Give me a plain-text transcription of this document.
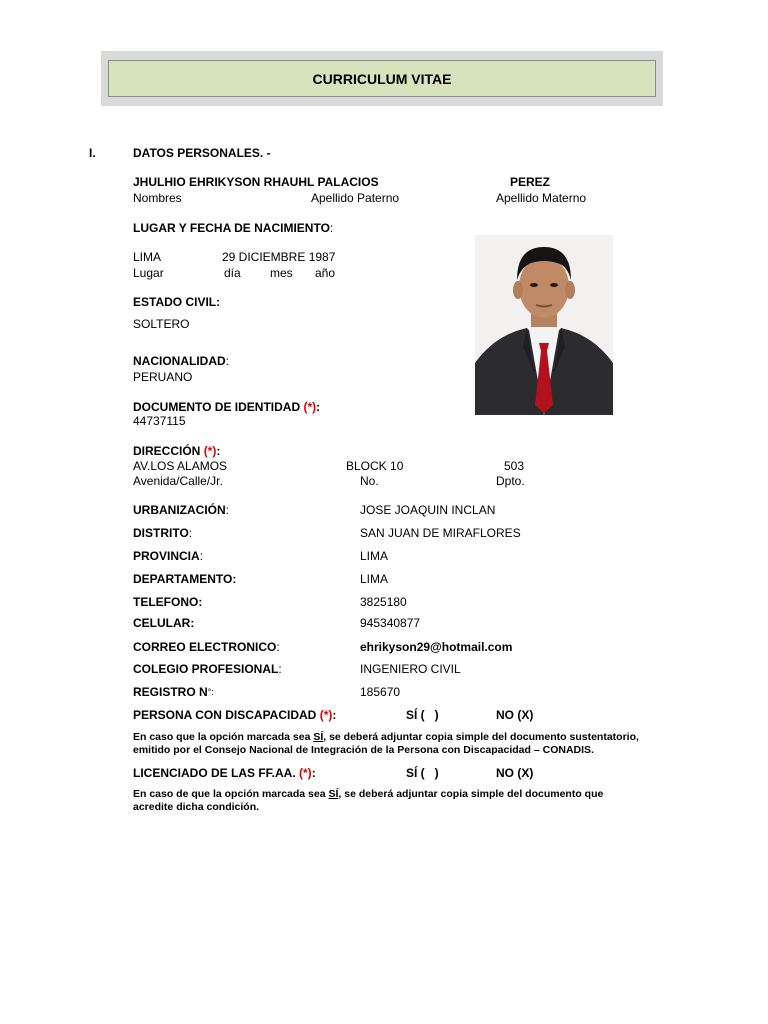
CURRICULUM VITAE
I.	DATOS PERSONALES. -
JHULHIO EHRIKYSON RHAUHL PALACIOS	PEREZ
Nombres	Apellido Paterno	Apellido Materno
LUGAR Y FECHA DE NACIMIENTO:
LIMA	29 DICIEMBRE 1987
Lugar	día mes año
ESTADO CIVIL:
SOLTERO
NACIONALIDAD:
PERUANO
DOCUMENTO DE IDENTIDAD (*):
44737115
DIRECCIÓN (*):
AV.LOS ALAMOS	BLOCK 10	503
Avenida/Calle/Jr.	No.	Dpto.
URBANIZACIÓN:	JOSE JOAQUIN INCLAN
DISTRITO:	SAN JUAN DE MIRAFLORES
PROVINCIA:	LIMA
DEPARTAMENTO:	LIMA
TELEFONO:	3825180
CELULAR:	945340877
CORREO ELECTRONICO:	ehrikyson29@hotmail.com
COLEGIO PROFESIONAL:	INGENIERO CIVIL
REGISTRO N°:	185670
PERSONA CON DISCAPACIDAD (*):	SÍ (   )	NO (X)
En caso que la opción marcada sea SÍ, se deberá adjuntar copia simple del documento sustentatorio,
emitido por el Consejo Nacional de Integración de la Persona con Discapacidad – CONADIS.
LICENCIADO DE LAS FF.AA. (*):	SÍ (   )	NO (X)
En caso de que la opción marcada sea SÍ, se deberá adjuntar copia simple del documento que
acredite dicha condición.
